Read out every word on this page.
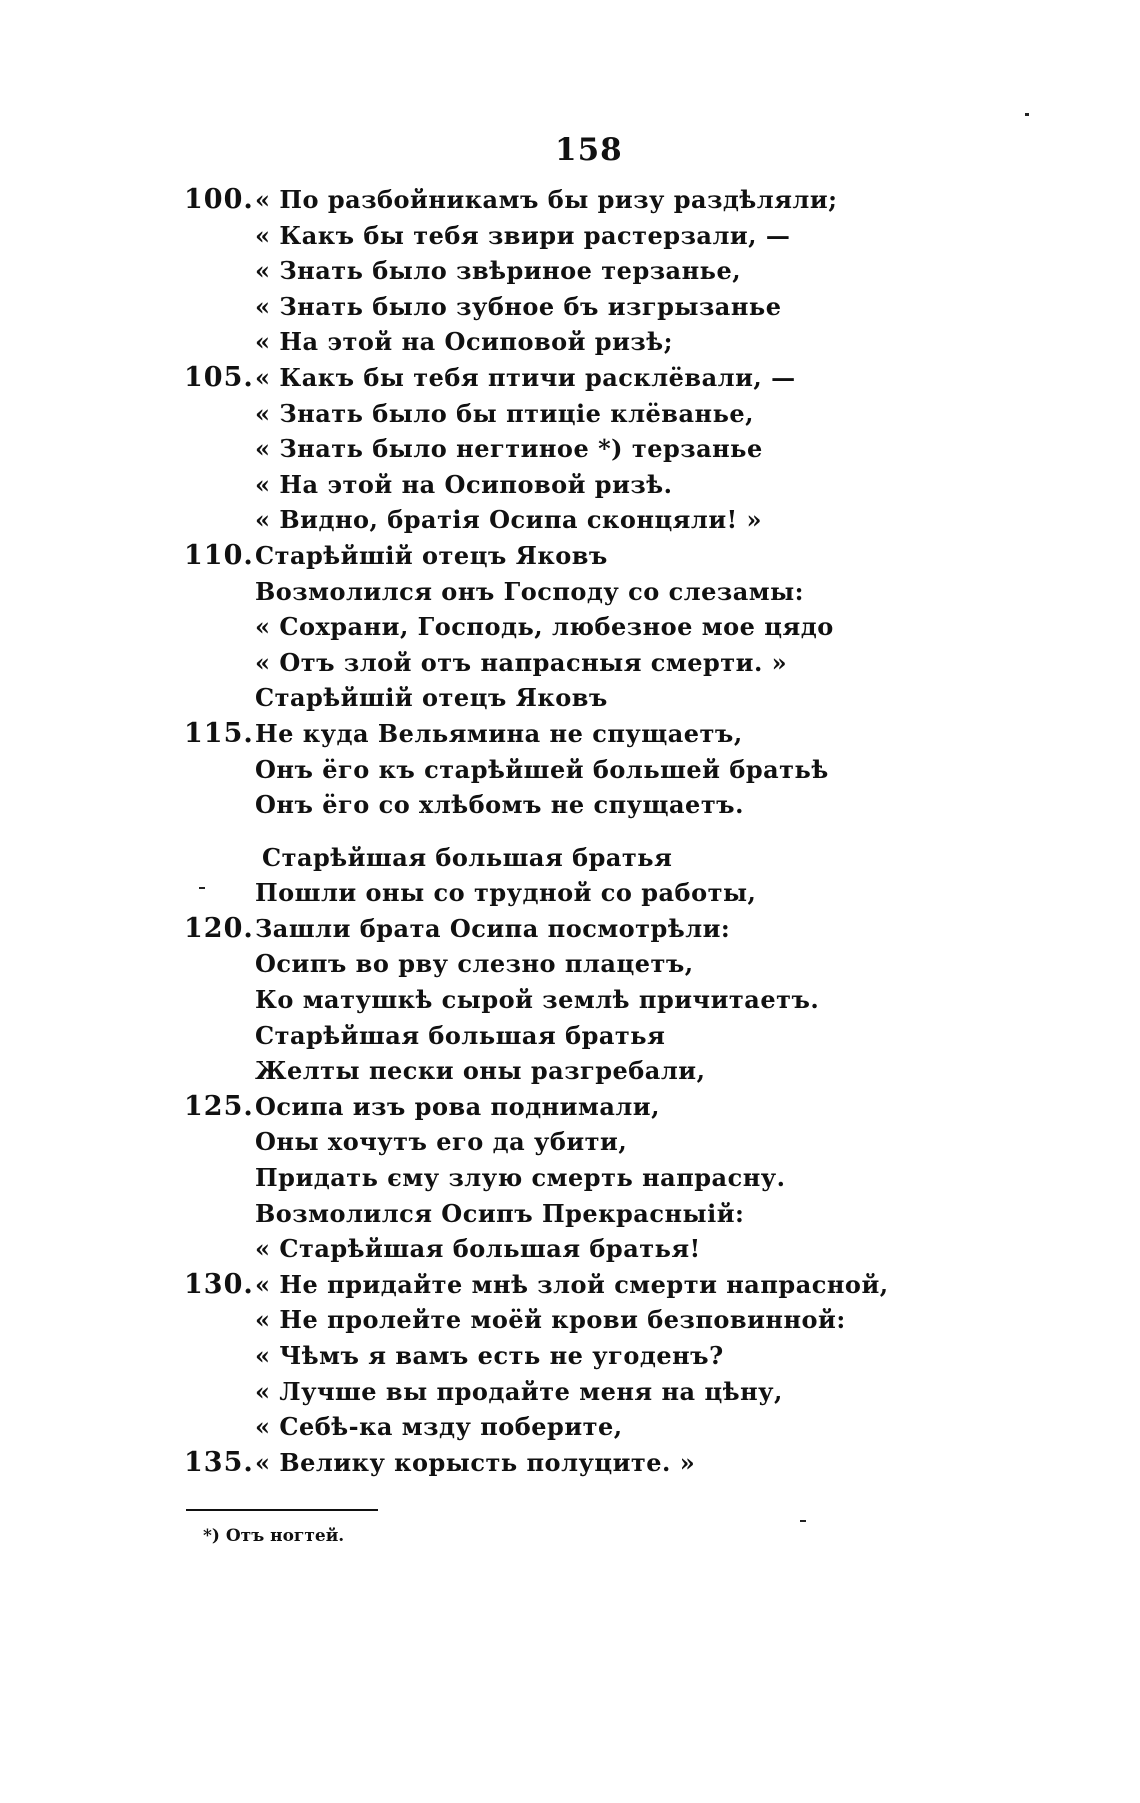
158
100. « По разбойникамъ бы ризу раздѣляли;
« Какъ бы тебя звири растерзали, —
« Знать было звѣриное терзанье,
« Знать было зубное бъ изгрызанье
« На этой на Осиповой ризѣ;
105. « Какъ бы тебя птичи расклёвали, —
« Знать было бы птиціе клёванье,
« Знать было негтиное *) терзанье
« На этой на Осиповой ризѣ.
« Видно, братія Осипа сконцяли! »
110. Старѣйшій отецъ Яковъ
Возмолился онъ Господу со слезамы:
« Сохрани, Господь, любезное мое цядо
« Отъ злой отъ напрасныя смерти. »
Старѣйшій отецъ Яковъ
115. Не куда Вельямина не спущаетъ,
Онъ ёго къ старѣйшей большей братьѣ
Онъ ёго со хлѣбомъ не спущаетъ.
Старѣйшая большая братья
Пошли оны со трудной со работы,
120. Зашли брата Осипа посмотрѣли:
Осипъ во рву слезно плацетъ,
Ко матушкѣ сырой землѣ причитаетъ.
Старѣйшая большая братья
Желты пески оны разгребали,
125. Осипа изъ рова поднимали,
Оны хочутъ его да убити,
Придать єму злую смерть напрасну.
Возмолился Осипъ Прекрасныій:
« Старѣйшая большая братья!
130. « Не придайте мнѣ злой смерти напрасной,
« Не пролейте моёй крови безповинной:
« Чѣмъ я вамъ есть не угоденъ?
« Лучше вы продайте меня на цѣну,
« Себѣ-ка мзду поберите,
135. « Велику корысть полуците. »
*) Отъ ногтей.
